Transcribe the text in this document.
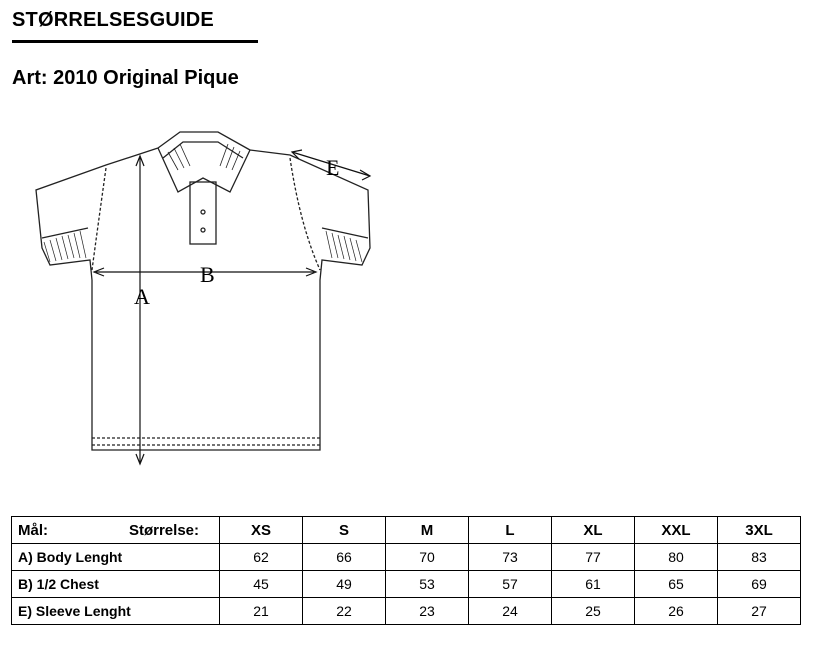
STØRRELSESGUIDE
Art: 2010 Original Pique
A
B
E
Mål: Størrelse:	XS	S	M	L	XL	XXL	3XL
A) Body Lenght	62	66	70	73	77	80	83
B) 1/2 Chest	45	49	53	57	61	65	69
E) Sleeve Lenght	21	22	23	24	25	26	27
